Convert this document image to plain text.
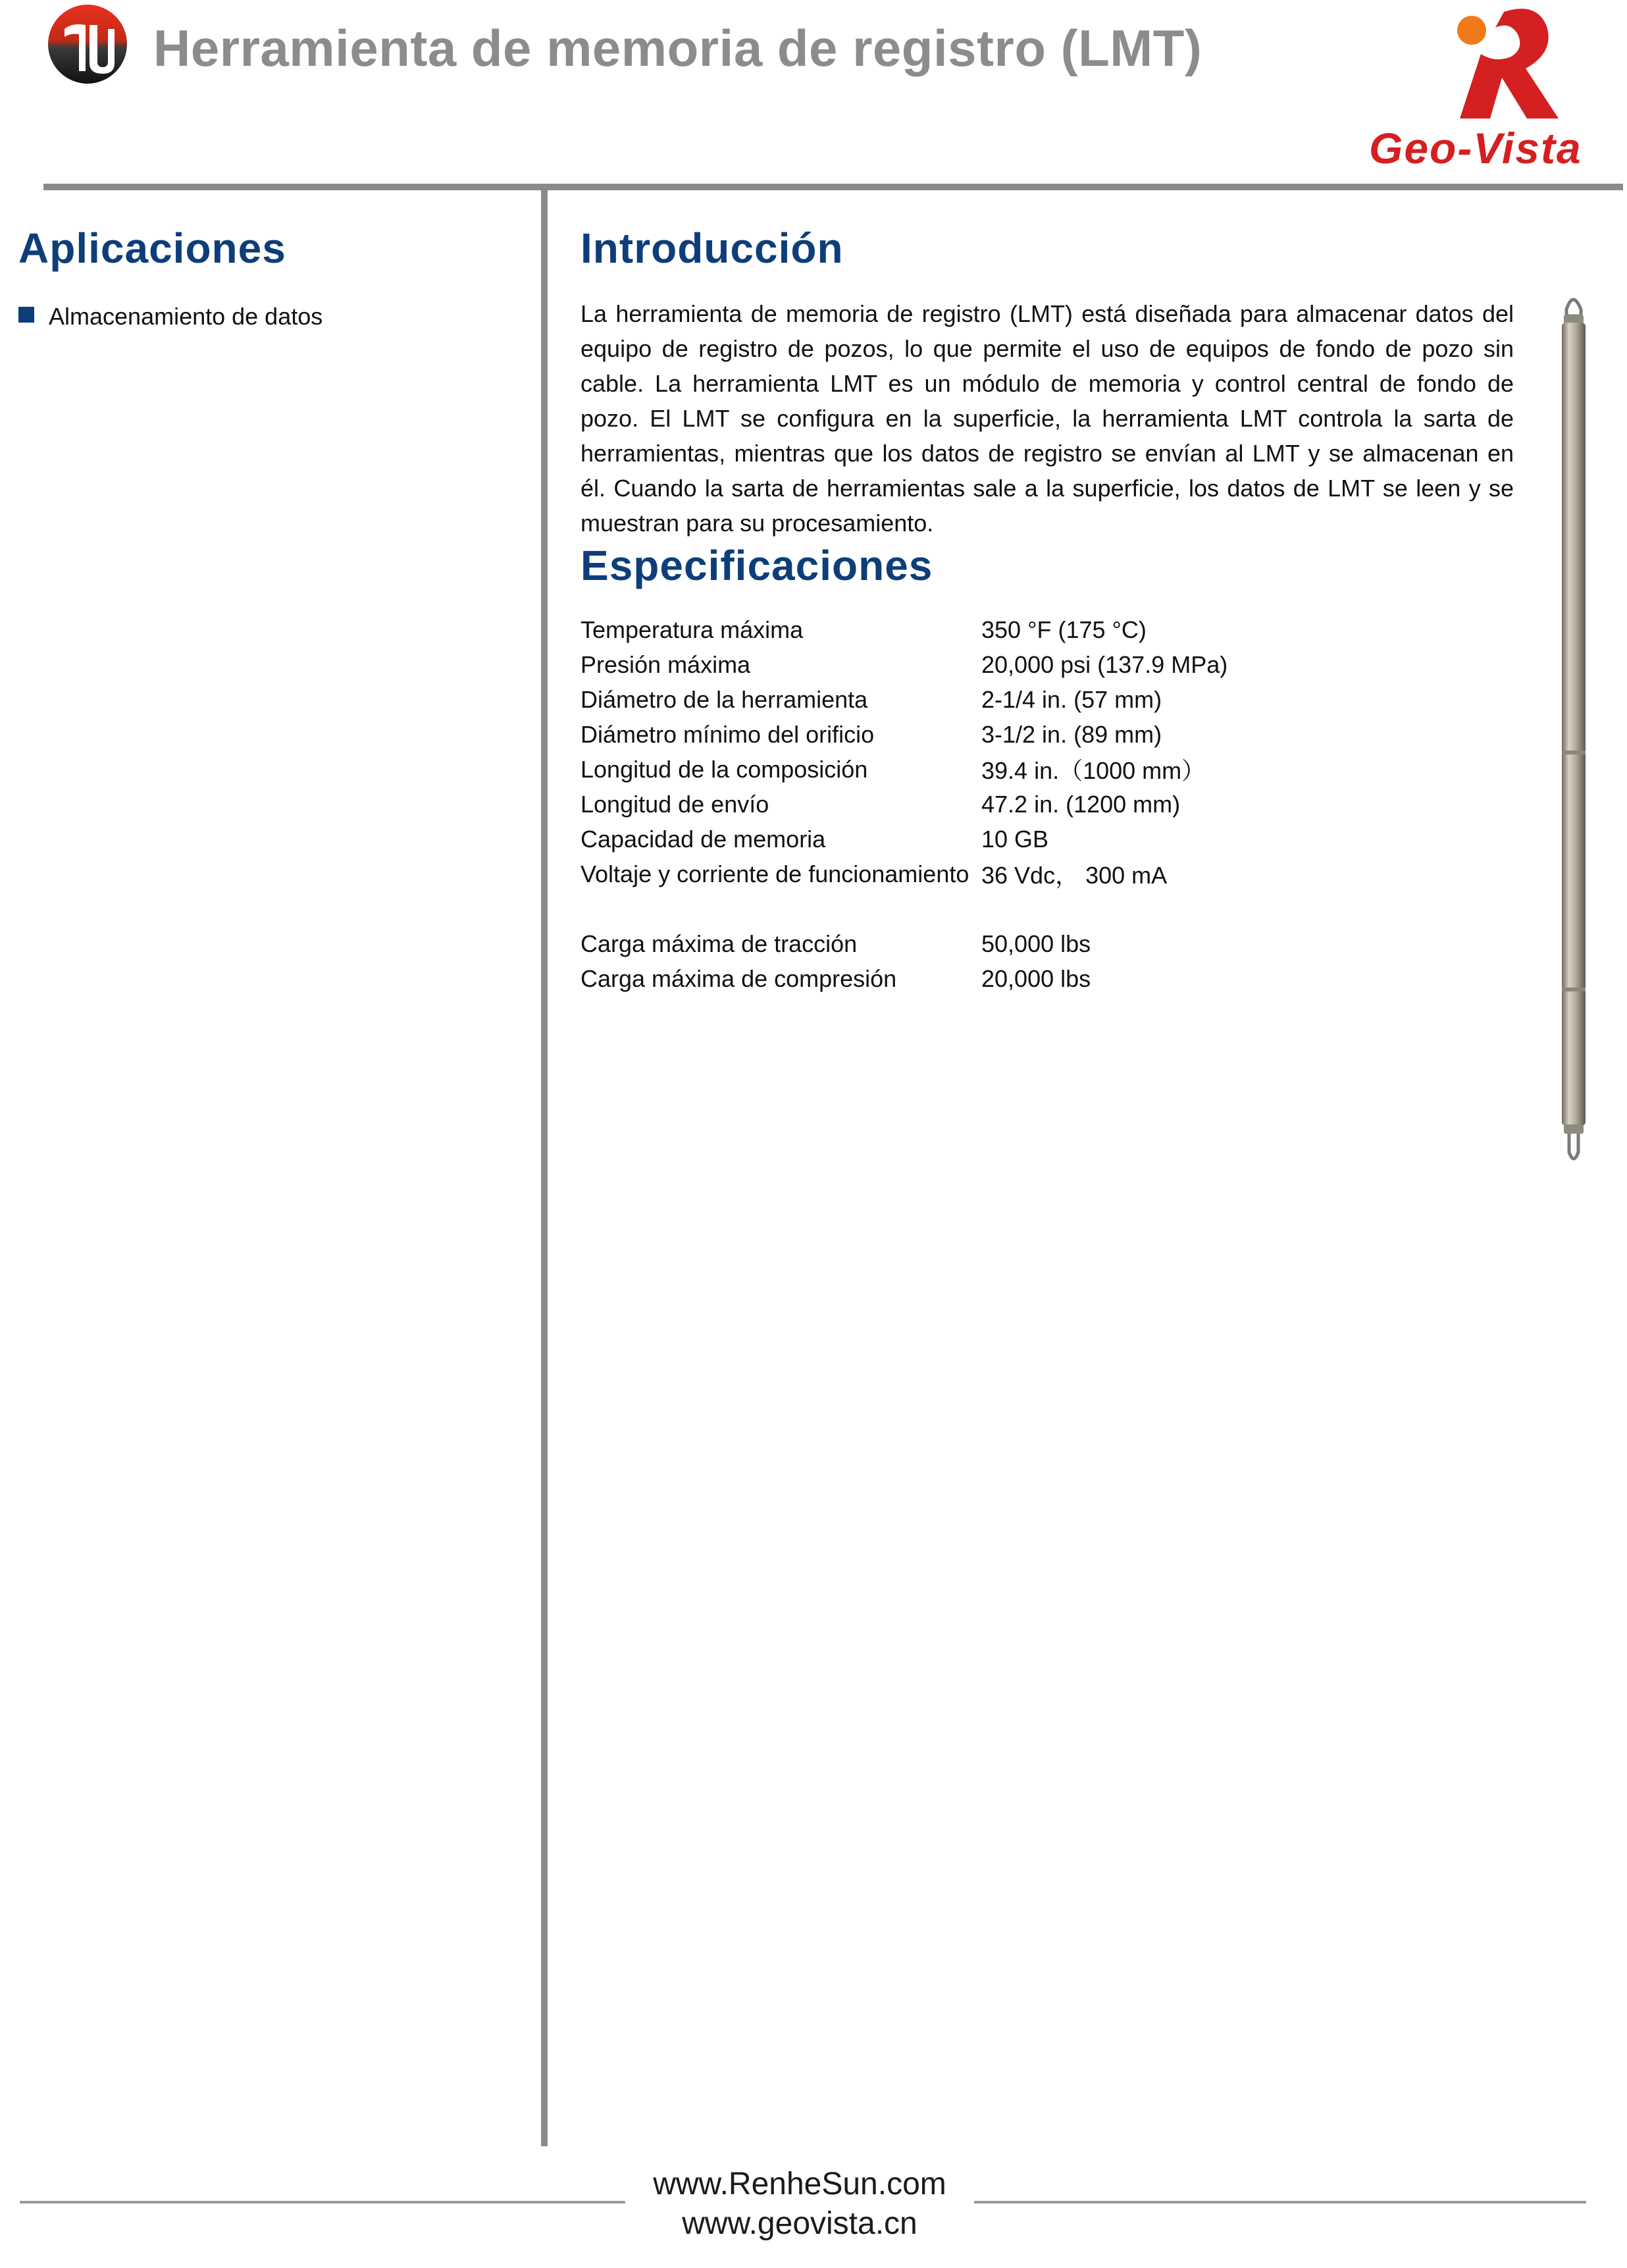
Herramienta de memoria de registro (LMT)
Geo-Vista
Aplicaciones
Almacenamiento de datos
Introducción

La herramienta de memoria de registro (LMT) está diseñada para almacenar datos del equipo de registro de pozos, lo que permite el uso de equipos de fondo de pozo sin cable. La herramienta LMT es un módulo de memoria y control central de fondo de pozo. El LMT se configura en la superficie, la herramienta LMT controla la sarta de herramientas, mientras que los datos de registro se envían al LMT y se almacenan en él. Cuando la sarta de herramientas sale a la superficie, los datos de LMT se leen y se muestran para su procesamiento.

Especificaciones
Temperatura máxima	350 °F (175 °C)
Presión máxima	20,000 psi (137.9 MPa)
Diámetro de la herramienta	2-1/4 in. (57 mm)
Diámetro mínimo del orificio	3-1/2 in. (89 mm)
Longitud de la composición	39.4 in.（1000 mm）
Longitud de envío	47.2 in. (1200 mm)
Capacidad de memoria	10 GB
Voltaje y corriente de funcionamiento 36 Vdc， 300 mA
Carga máxima de tracción	50,000 lbs
Carga máxima de compresión	20,000 lbs
www.RenheSun.com
www.geovista.cn
